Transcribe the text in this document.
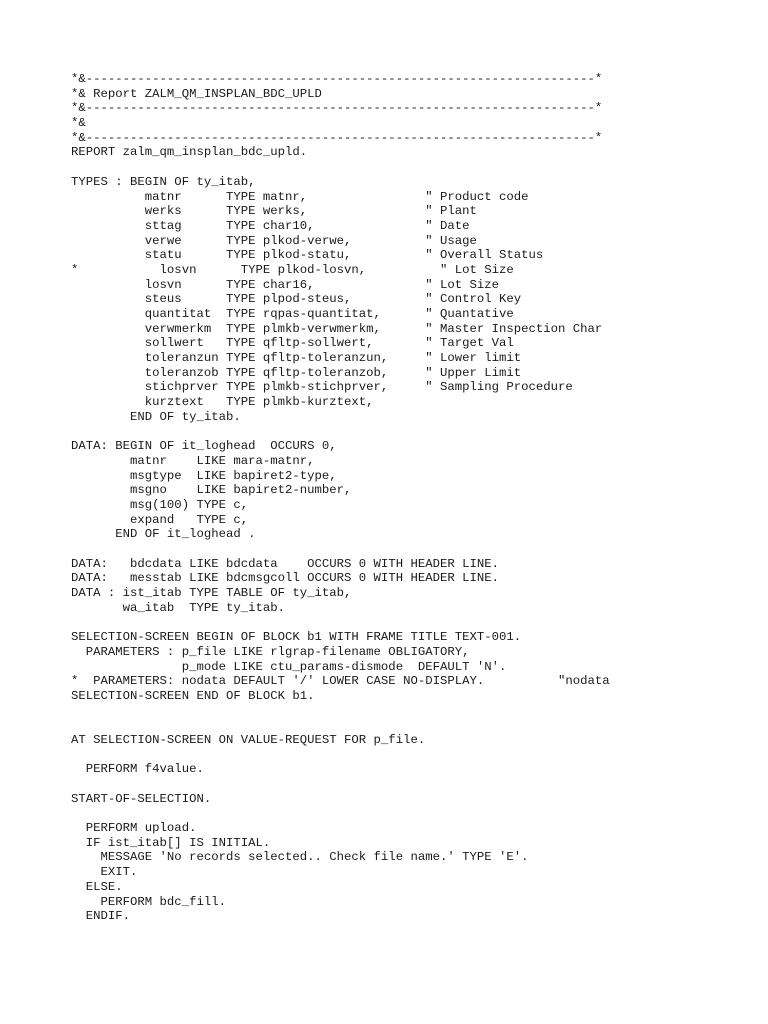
*&---------------------------------------------------------------------*
*& Report ZALM_QM_INSPLAN_BDC_UPLD
*&---------------------------------------------------------------------*
*&
*&---------------------------------------------------------------------*
REPORT zalm_qm_insplan_bdc_upld.

TYPES : BEGIN OF ty_itab,
matnr      TYPE matnr,                " Product code
werks      TYPE werks,                " Plant
sttag      TYPE char10,               " Date
verwe      TYPE plkod-verwe,          " Usage
statu      TYPE plkod-statu,          " Overall Status
*           losvn      TYPE plkod-losvn,          " Lot Size
losvn      TYPE char16,               " Lot Size
steus      TYPE plpod-steus,          " Control Key
quantitat  TYPE rqpas-quantitat,      " Quantative
verwmerkm  TYPE plmkb-verwmerkm,      " Master Inspection Char
sollwert   TYPE qfltp-sollwert,       " Target Val
toleranzun TYPE qfltp-toleranzun,     " Lower limit
toleranzob TYPE qfltp-toleranzob,     " Upper Limit
stichprver TYPE plmkb-stichprver,     " Sampling Procedure
kurztext   TYPE plmkb-kurztext,
END OF ty_itab.

DATA: BEGIN OF it_loghead  OCCURS 0,
matnr    LIKE mara-matnr,
msgtype  LIKE bapiret2-type,
msgno    LIKE bapiret2-number,
msg(100) TYPE c,
expand   TYPE c,
END OF it_loghead .

DATA:   bdcdata LIKE bdcdata    OCCURS 0 WITH HEADER LINE.
DATA:   messtab LIKE bdcmsgcoll OCCURS 0 WITH HEADER LINE.
DATA : ist_itab TYPE TABLE OF ty_itab,
wa_itab  TYPE ty_itab.

SELECTION-SCREEN BEGIN OF BLOCK b1 WITH FRAME TITLE TEXT-001.
PARAMETERS : p_file LIKE rlgrap-filename OBLIGATORY,
p_mode LIKE ctu_params-dismode  DEFAULT 'N'.
*  PARAMETERS: nodata DEFAULT '/' LOWER CASE NO-DISPLAY.          "nodata
SELECTION-SCREEN END OF BLOCK b1.

AT SELECTION-SCREEN ON VALUE-REQUEST FOR p_file.

PERFORM f4value.

START-OF-SELECTION.

PERFORM upload.
IF ist_itab[] IS INITIAL.
MESSAGE 'No records selected.. Check file name.' TYPE 'E'.
EXIT.
ELSE.
PERFORM bdc_fill.
ENDIF.
